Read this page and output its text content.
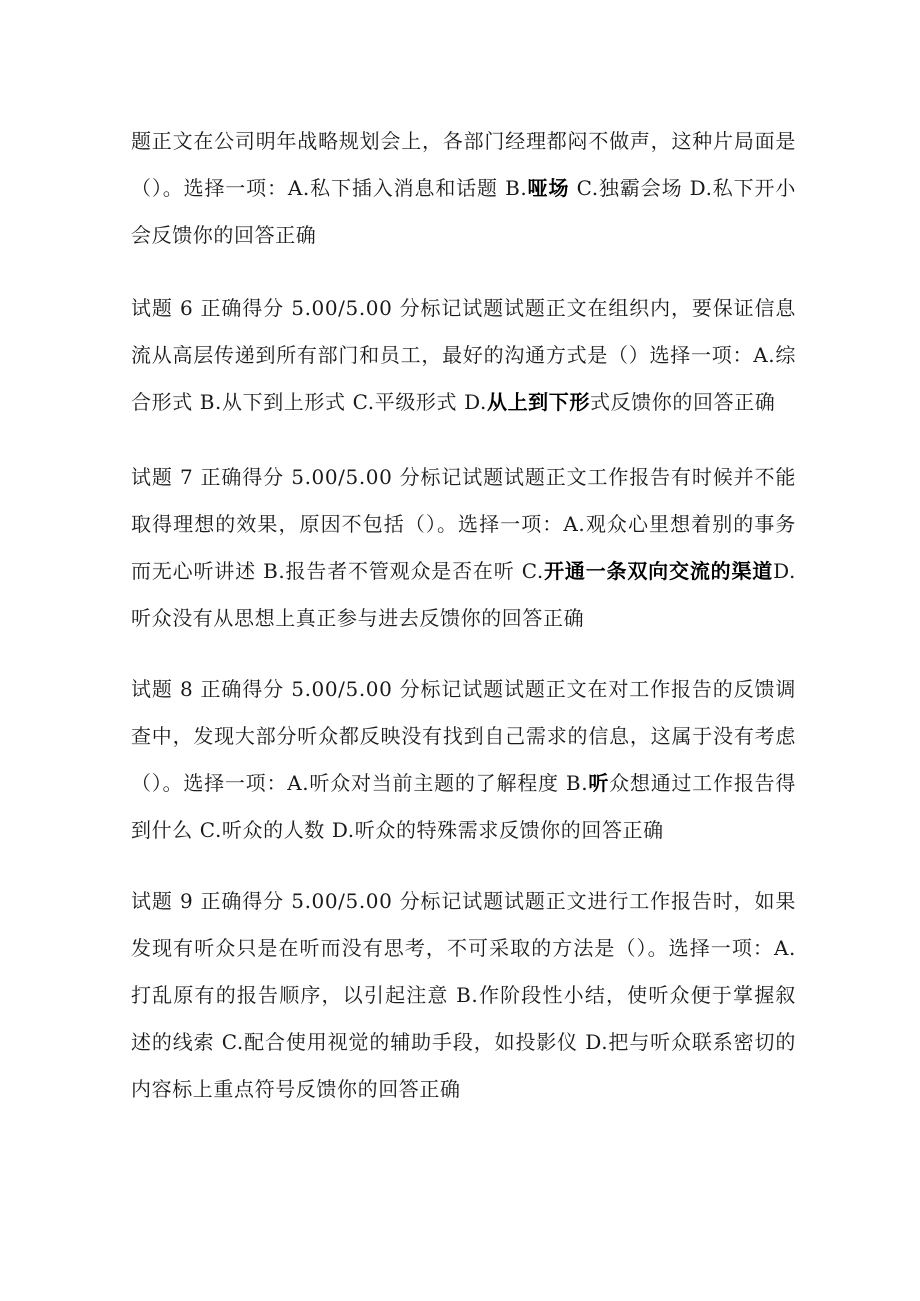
题正文在公司明年战略规划会上，各部门经理都闷不做声，这种片局面是（）。选择一项：A.私下插入消息和话题 B.哑场 C.独霸会场 D.私下开小会反馈你的回答正确

试题 6 正确得分 5.00/5.00 分标记试题试题正文在组织内，要保证信息流从高层传递到所有部门和员工，最好的沟通方式是（）选择一项：A.综合形式 B.从下到上形式 C.平级形式 D.从上到下形式反馈你的回答正确

试题 7 正确得分 5.00/5.00 分标记试题试题正文工作报告有时候并不能取得理想的效果，原因不包括（）。选择一项：A.观众心里想着别的事务而无心听讲述 B.报告者不管观众是否在听 C.开通一条双向交流的渠道D.听众没有从思想上真正参与进去反馈你的回答正确

试题 8 正确得分 5.00/5.00 分标记试题试题正文在对工作报告的反馈调查中，发现大部分听众都反映没有找到自己需求的信息，这属于没有考虑（）。选择一项：A.听众对当前主题的了解程度 B.听众想通过工作报告得到什么 C.听众的人数 D.听众的特殊需求反馈你的回答正确

试题 9 正确得分 5.00/5.00 分标记试题试题正文进行工作报告时，如果发现有听众只是在听而没有思考，不可采取的方法是（）。选择一项：A.打乱原有的报告顺序，以引起注意 B.作阶段性小结，使听众便于掌握叙述的线索 C.配合使用视觉的辅助手段，如投影仪 D.把与听众联系密切的内容标上重点符号反馈你的回答正确
